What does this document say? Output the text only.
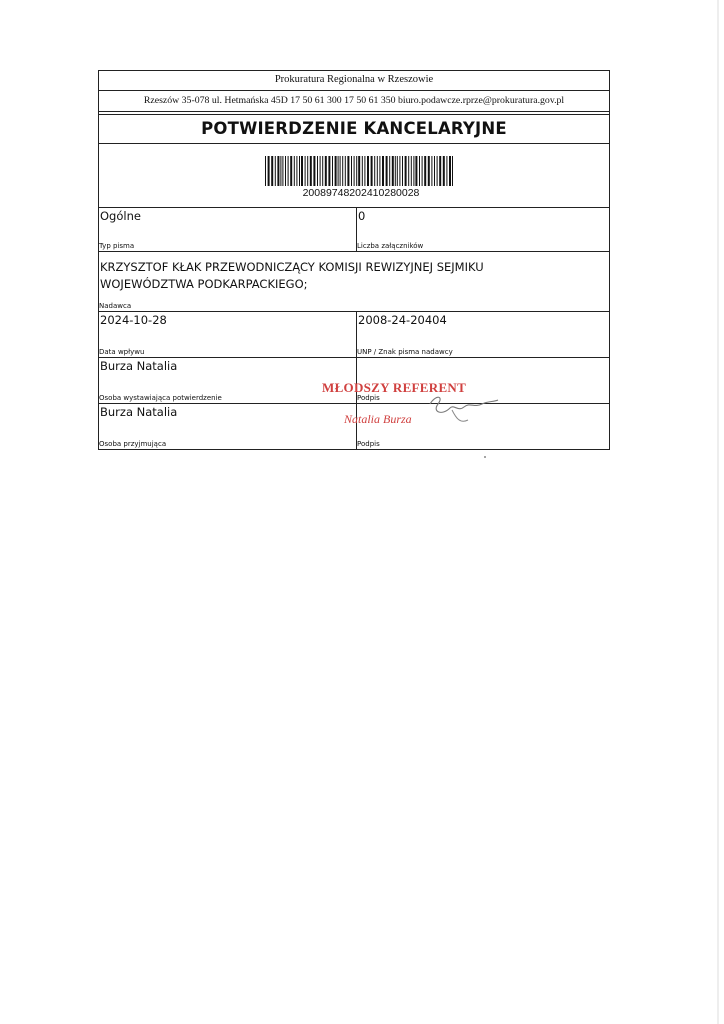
Prokuratura Regionalna w Rzeszowie
Rzeszów 35-078 ul. Hetmańska 45D 17 50 61 300 17 50 61 350 biuro.podawcze.rprze@prokuratura.gov.pl
POTWIERDZENIE KANCELARYJNE
20089748202410280028
Ogólne
Typ pisma
0
Liczba załączników
KRZYSZTOF KŁAK PRZEWODNICZĄCY KOMISJI REWIZYJNEJ SEJMIKU WOJEWÓDZTWA PODKARPACKIEGO;
Nadawca
2024-10-28
Data wpływu
2008-24-20404
UNP / Znak pisma nadawcy
Burza Natalia
Osoba wystawiająca potwierdzenie	Podpis
Burza Natalia
Osoba przyjmująca	Podpis
MŁODSZY REFERENT
Natalia Burza
